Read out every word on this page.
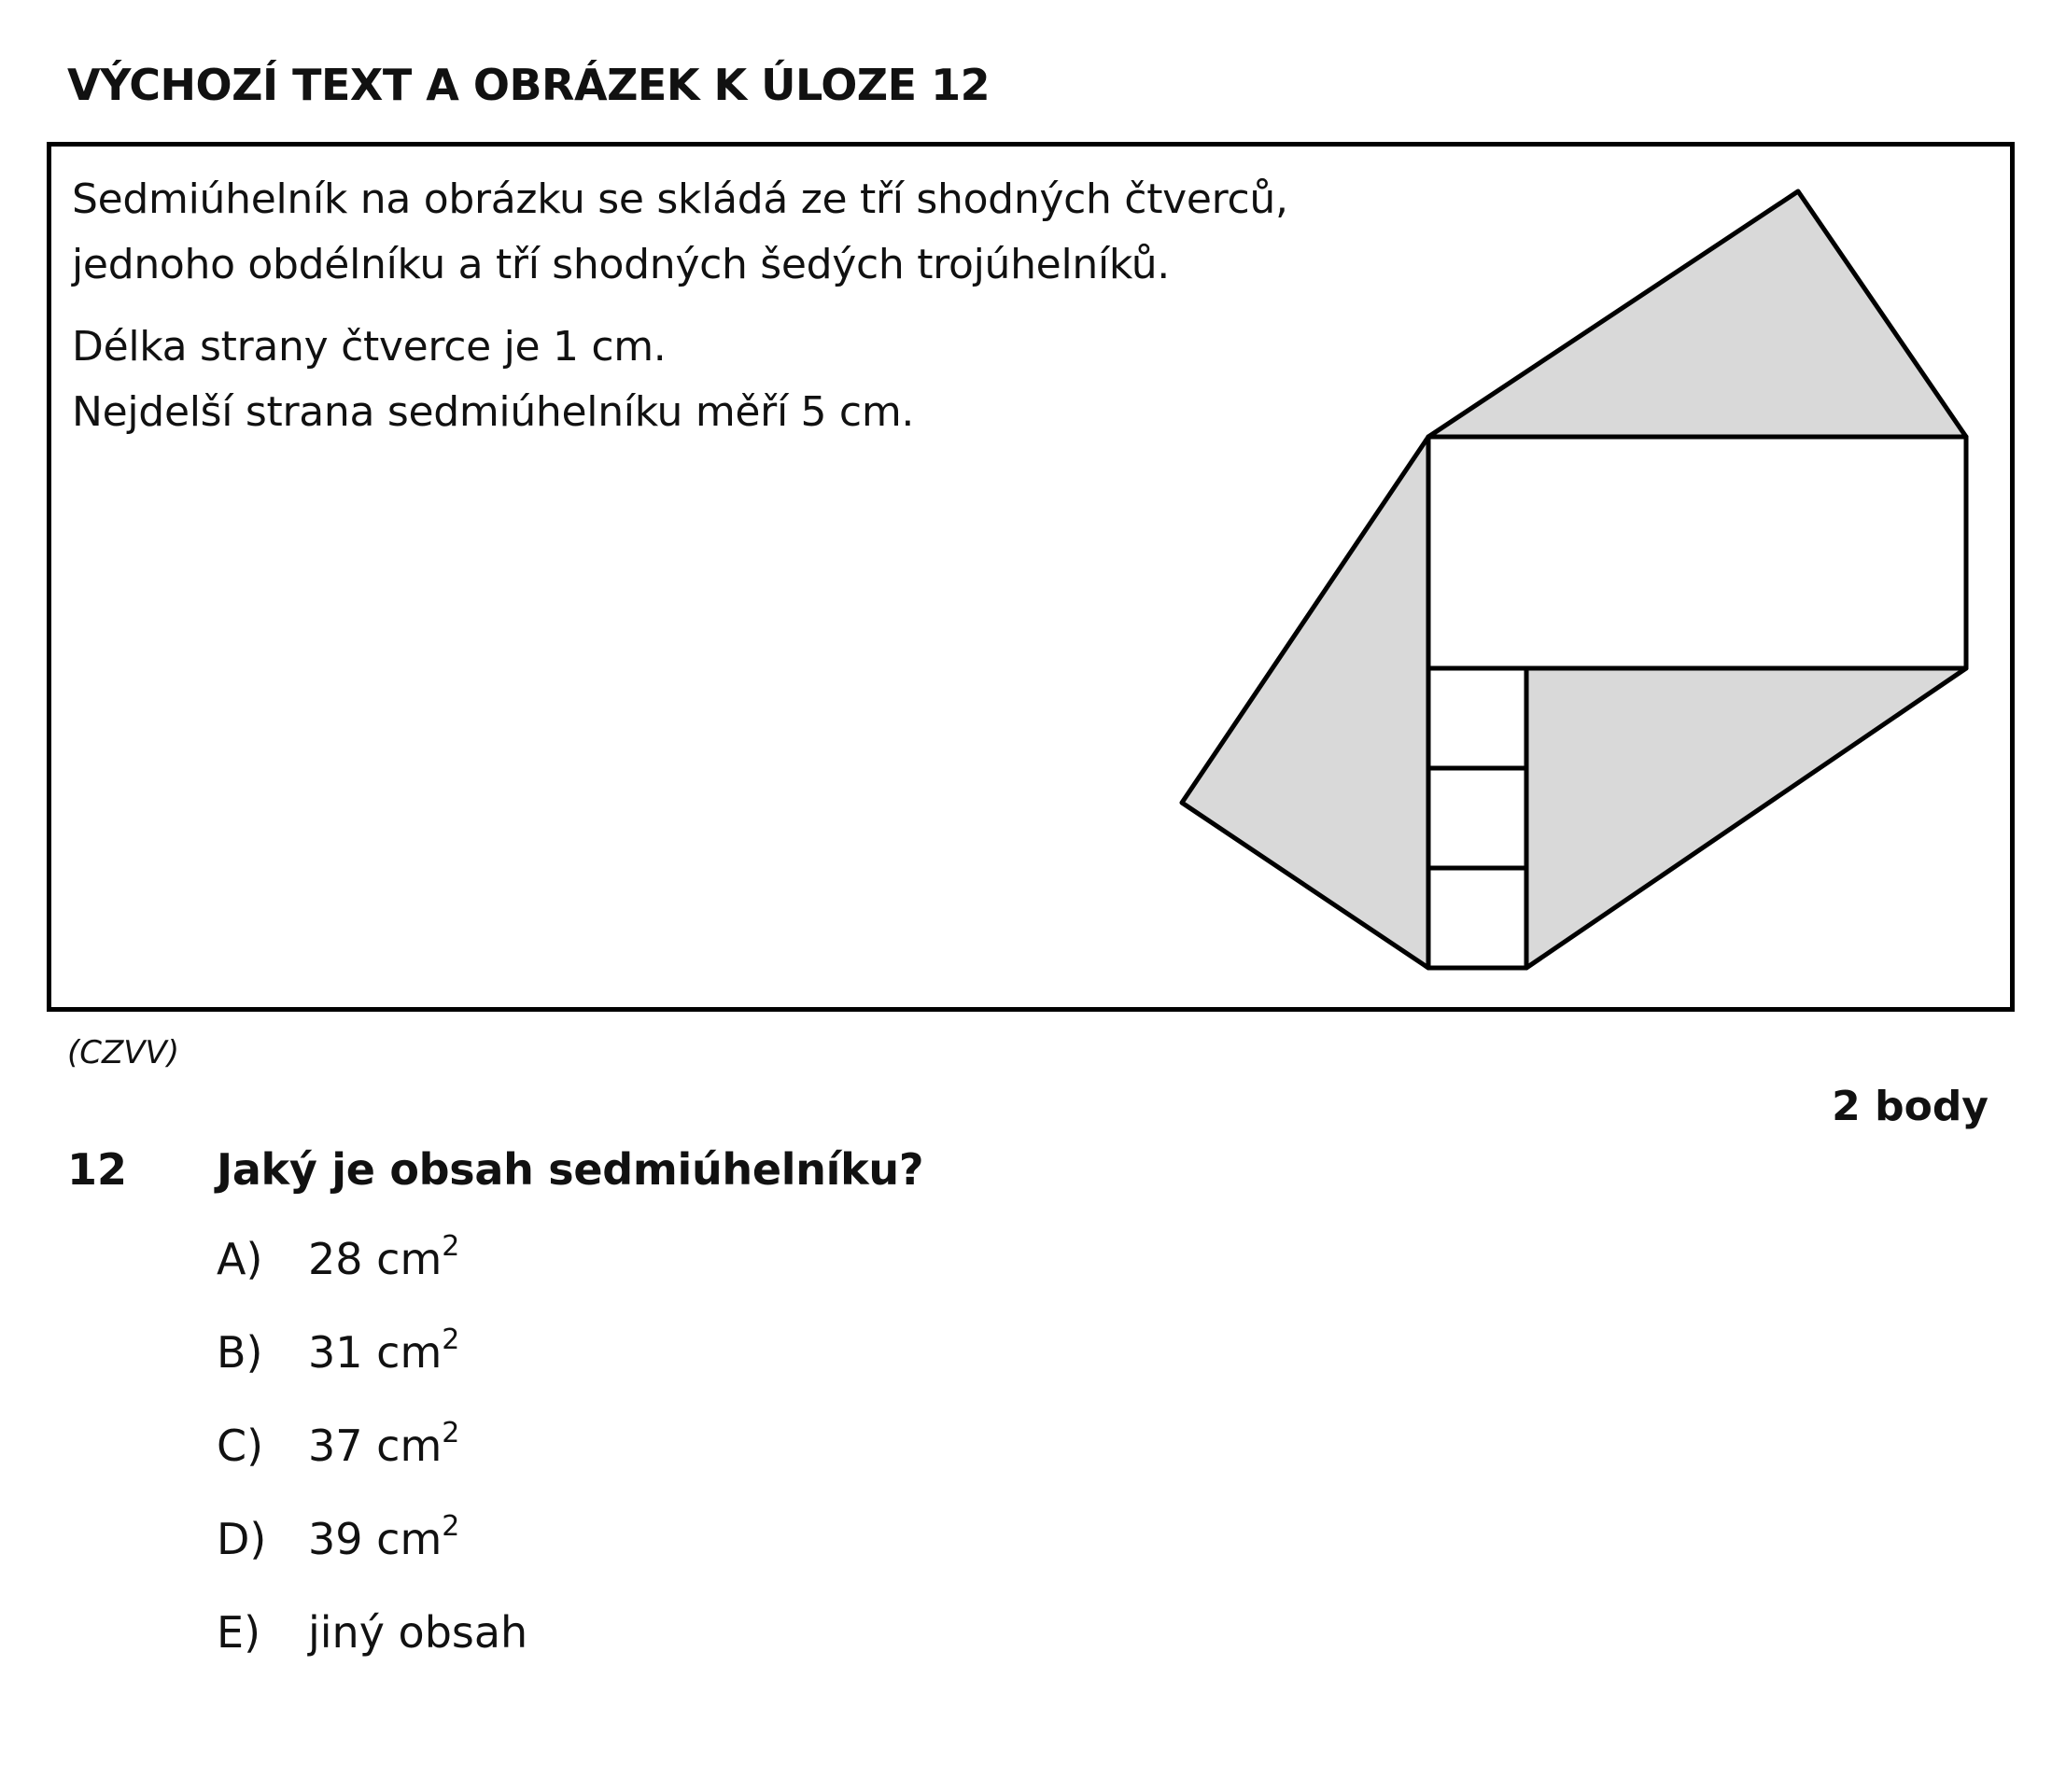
VÝCHOZÍ TEXT A OBRÁZEK K ÚLOZE 12

Sedmiúhelník na obrázku se skládá ze tří shodných čtverců,

jednoho obdélníku a tří shodných šedých trojúhelníků.

Délka strany čtverce je 1 cm.

Nejdelší strana sedmiúhelníku měří 5 cm.

(CZVV)
2 body
12 Jaký je obsah sedmiúhelníku?
A) 28 $cm^2$
B) 31 $cm^2$
C) 37 $cm^2$
D) 39 $cm^2$
E) jiný obsah
